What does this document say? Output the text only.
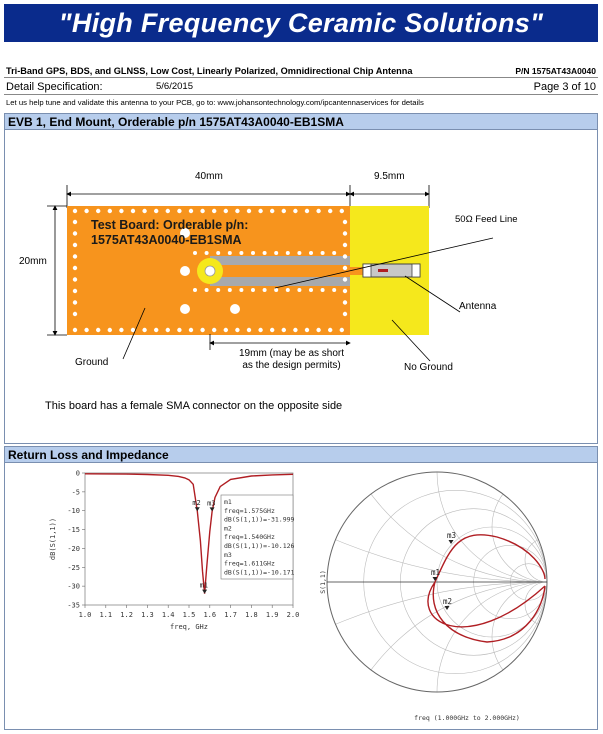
"High Frequency Ceramic Solutions"
Tri-Band GPS, BDS, and GLNSS, Low Cost, Linearly Polarized, Omnidirectional Chip Antenna	P/N 1575AT43A0040
Detail Specification:	5/6/2015	Page 3 of 10
Let us help tune and validate this antenna to your PCB, go to: www.johansontechnology.com/ipcantennaservices for details
EVB 1, End Mount, Orderable p/n 1575AT43A0040-EB1SMA
Test Board: Orderable p/n:
1575AT43A0040-EB1SMA
40mm	9.5mm
20mm
50Ω Feed Line
Antenna
Ground	No Ground
19mm (may be as short
as the design permits)
This board has a female SMA connector on the opposite side
Return Loss and Impedance
1.0 1.1 1.2 1.3 1.4 1.5 1.6 1.7 1.8 1.9 2.0
0
-5
-10
-15
-20
-25
-30
-35
freq, GHz
dB(S(1,1))
m1
m2 m3 m1
freq=1.575GHz
dB(S(1,1))=-31.999
m2
freq=1.540GHz
dB(S(1,1))=-10.126
m3
freq=1.611GHz
dB(S(1,1))=-10.171	m1
m2
m3
S(1,1)
freq (1.000GHz to 2.000GHz)
